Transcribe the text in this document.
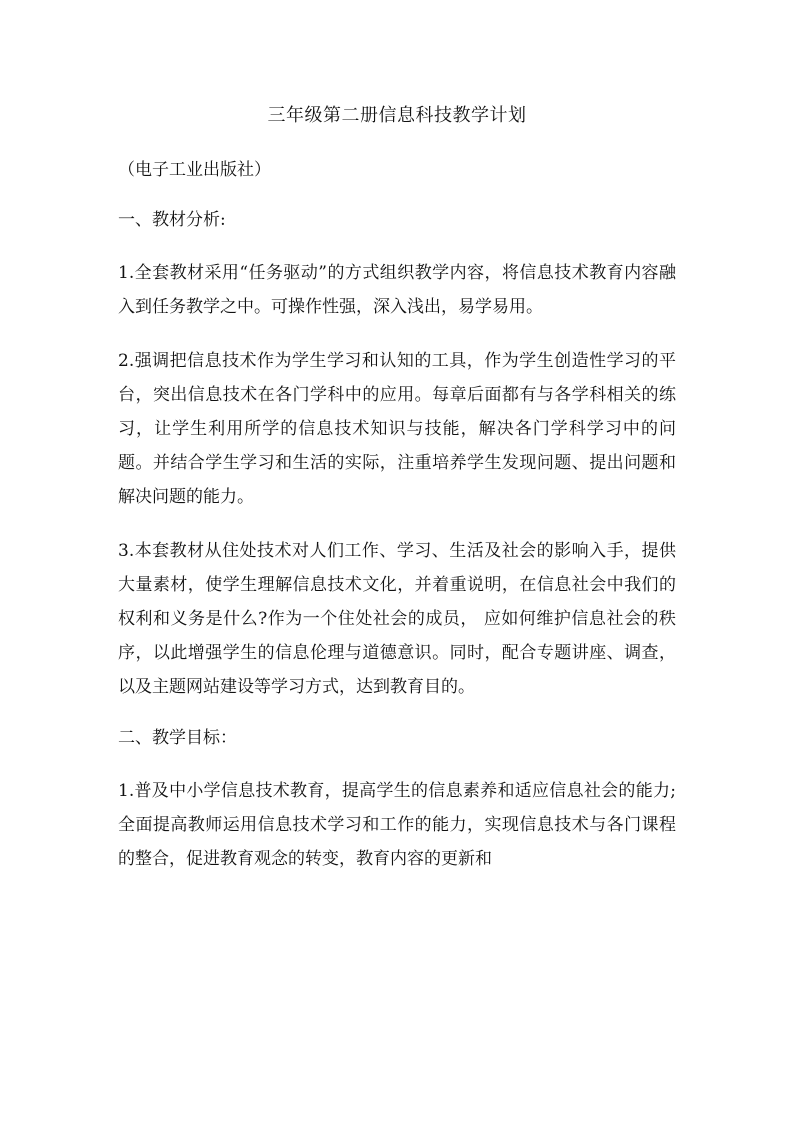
三年级第二册信息科技教学计划
（电子工业出版社）
一、教材分析:
1.全套教材采用“任务驱动”的方式组织教学内容，将信息技术教育内容融入到任务教学之中。可操作性强，深入浅出，易学易用。
2.强调把信息技术作为学生学习和认知的工具，作为学生创造性学习的平台，突出信息技术在各门学科中的应用。每章后面都有与各学科相关的练习，让学生利用所学的信息技术知识与技能，解决各门学科学习中的问题。并结合学生学习和生活的实际，注重培养学生发现问题、提出问题和解决问题的能力。
3.本套教材从住处技术对人们工作、学习、生活及社会的影响入手，提供大量素材，使学生理解信息技术文化，并着重说明，在信息社会中我们的权利和义务是什么?作为一个住处社会的成员， 应如何维护信息社会的秩序，以此增强学生的信息伦理与道德意识。同时，配合专题讲座、调查，以及主题网站建设等学习方式，达到教育目的。
二、教学目标：
1.普及中小学信息技术教育，提高学生的信息素养和适应信息社会的能力;全面提高教师运用信息技术学习和工作的能力，实现信息技术与各门课程的整合，促进教育观念的转变，教育内容的更新和
